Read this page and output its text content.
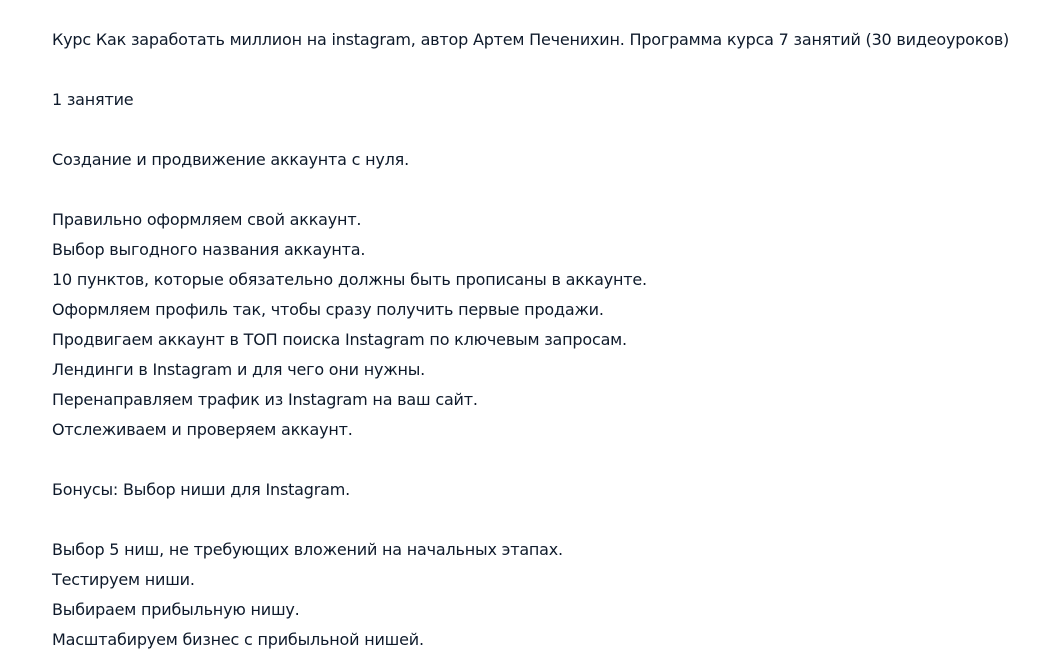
Курс Как заработать миллион на instagram, автор Артем Печенихин. Программа курса 7 занятий (30 видеоуроков)
1 занятие
Создание и продвижение аккаунта с нуля.
Правильно оформляем свой аккаунт.
Выбор выгодного названия аккаунта.
10 пунктов, которые обязательно должны быть прописаны в аккаунте.
Оформляем профиль так, чтобы сразу получить первые продажи.
Продвигаем аккаунт в ТОП поиска Instagram по ключевым запросам.
Лендинги в Instagram и для чего они нужны.
Перенаправляем трафик из Instagram на ваш сайт.
Отслеживаем и проверяем аккаунт.
Бонусы: Выбор ниши для Instagram.
Выбор 5 ниш, не требующих вложений на начальных этапах.
Тестируем ниши.
Выбираем прибыльную нишу.
Масштабируем бизнес с прибыльной нишей.
